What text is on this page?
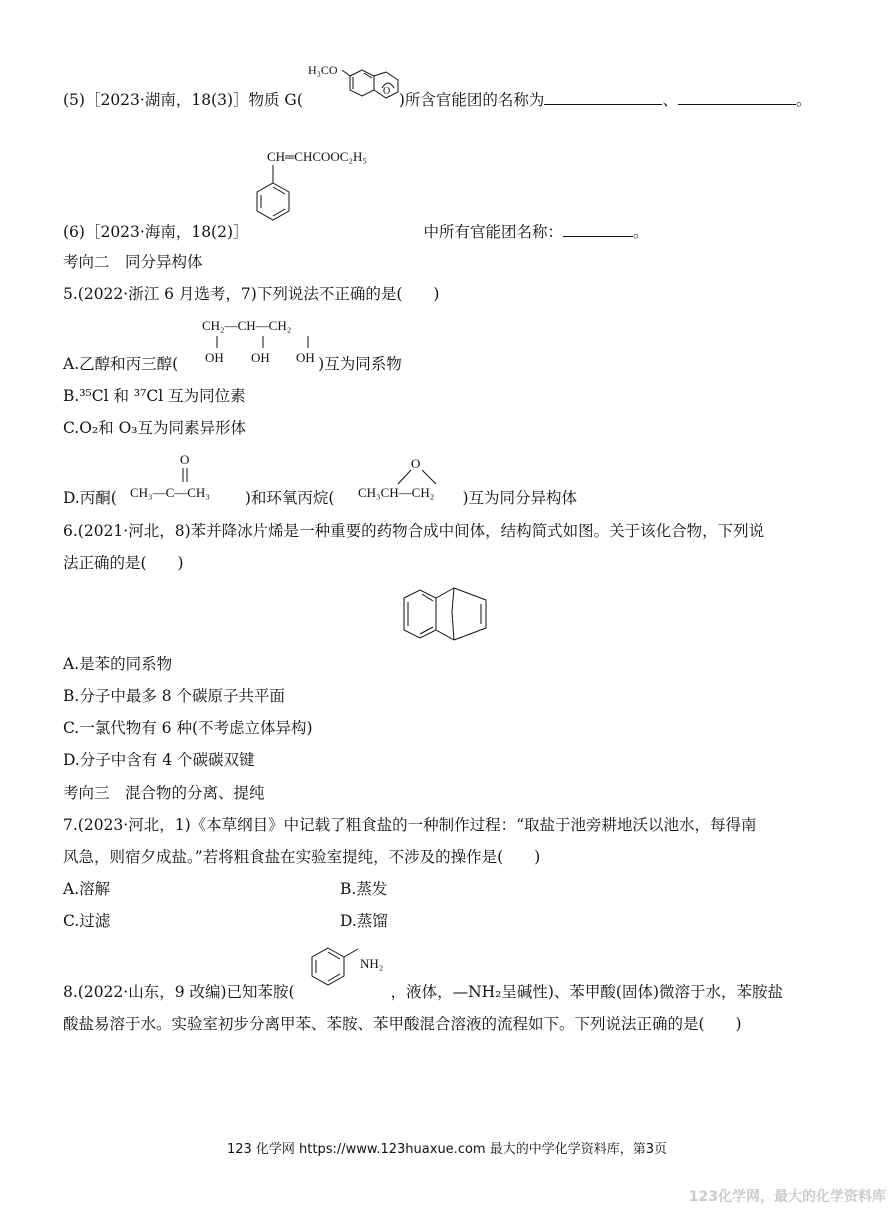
(5)［2023·湖南，18(3)］物质 G(	)所含官能团的名称为	、	。
H₃CO
O
CH═CHCOOC₂H₅
(6)［2023·海南，18(2)］	中所有官能团名称：	。
考向二　同分异构体
5.(2022·浙江 6 月选考，7)下列说法不正确的是(　　)
CH₂—CH—CH₂
OH OH OH
A.乙醇和丙三醇(	)互为同系物
B.³⁵Cl 和 ³⁷Cl 互为同位素
C.O₂和 O₃互为同素异形体
O
CH₃—C—CH₃
O
CH₃CH—CH₂
D.丙酮(	)和环氧丙烷(	)互为同分异构体
6.(2021·河北，8)苯并降冰片烯是一种重要的药物合成中间体，结构简式如图。关于该化合物，下列说
法正确的是(　　)
A.是苯的同系物
B.分子中最多 8 个碳原子共平面
C.一氯代物有 6 种(不考虑立体异构)
D.分子中含有 4 个碳碳双键
考向三　混合物的分离、提纯
7.(2023·河北，1)《本草纲目》中记载了粗食盐的一种制作过程：“取盐于池旁耕地沃以池水，每得南
风急，则宿夕成盐。”若将粗食盐在实验室提纯，不涉及的操作是(　　)
A.溶解	B.蒸发
C.过滤	D.蒸馏
NH₂
8.(2022·山东，9 改编)已知苯胺(	，液体，—NH₂呈碱性)、苯甲酸(固体)微溶于水，苯胺盐
酸盐易溶于水。实验室初步分离甲苯、苯胺、苯甲酸混合溶液的流程如下。下列说法正确的是(　　)
123 化学网 https://www.123huaxue.com 最大的中学化学资料库，第3页
123化学网，最大的化学资料库
